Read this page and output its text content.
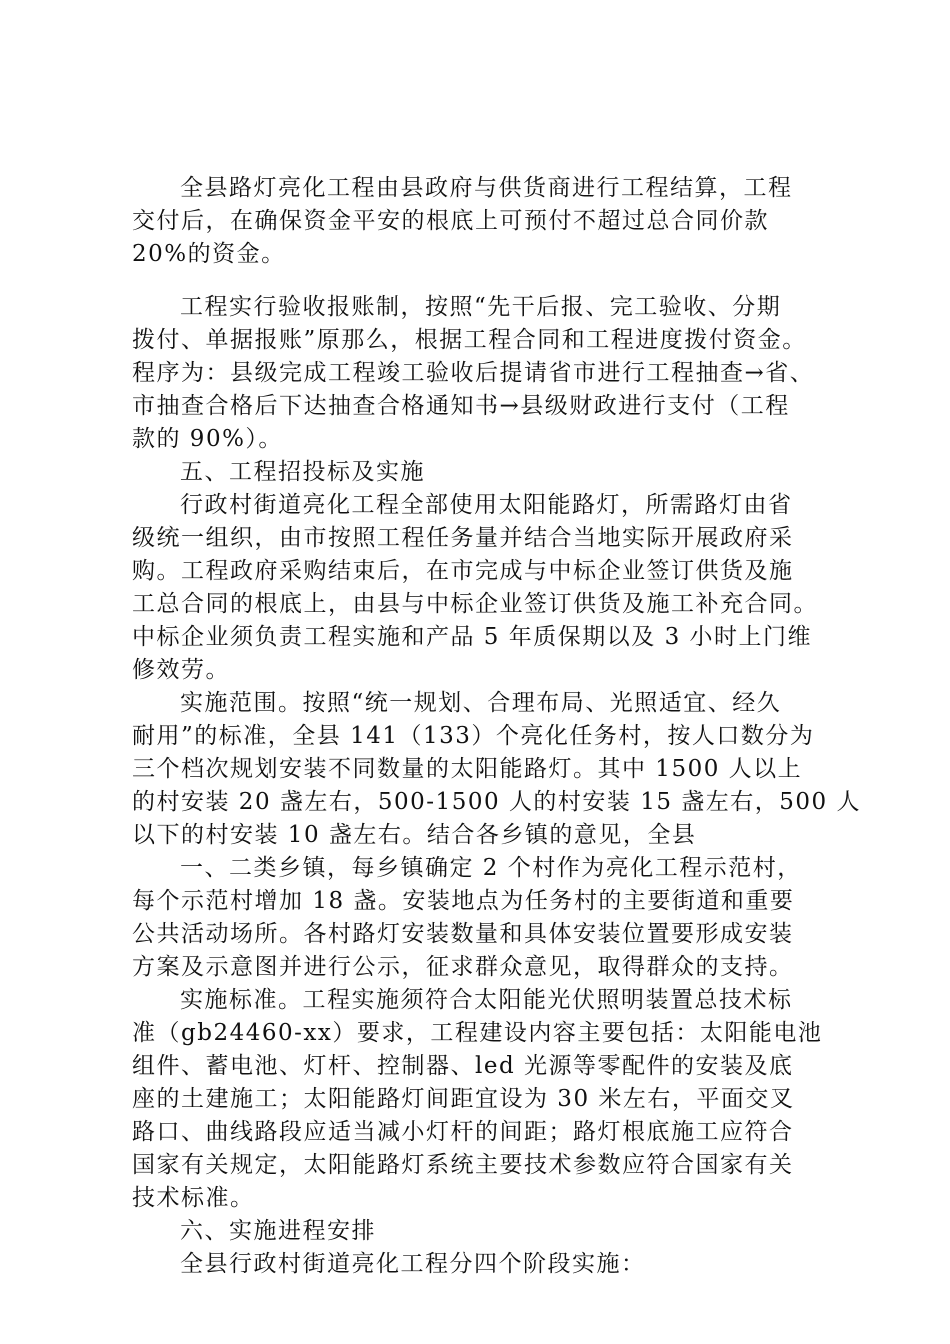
全县路灯亮化工程由县政府与供货商进行工程结算，工程
交付后，在确保资金平安的根底上可预付不超过总合同价款
20%的资金。
工程实行验收报账制，按照“先干后报、完工验收、分期
拨付、单据报账”原那么，根据工程合同和工程进度拨付资金。
程序为：县级完成工程竣工验收后提请省市进行工程抽查→省、
市抽查合格后下达抽查合格通知书→县级财政进行支付（工程
款的 90%）。
五、工程招投标及实施
行政村街道亮化工程全部使用太阳能路灯，所需路灯由省
级统一组织，由市按照工程任务量并结合当地实际开展政府采
购。工程政府采购结束后，在市完成与中标企业签订供货及施
工总合同的根底上，由县与中标企业签订供货及施工补充合同。
中标企业须负责工程实施和产品 5 年质保期以及 3 小时上门维
修效劳。
实施范围。按照“统一规划、合理布局、光照适宜、经久
耐用”的标准，全县 141（133）个亮化任务村，按人口数分为
三个档次规划安装不同数量的太阳能路灯。其中 1500 人以上
的村安装 20 盏左右，500-1500 人的村安装 15 盏左右，500 人
以下的村安装 10 盏左右。结合各乡镇的意见，全县
一、二类乡镇，每乡镇确定 2 个村作为亮化工程示范村，
每个示范村增加 18 盏。安装地点为任务村的主要街道和重要
公共活动场所。各村路灯安装数量和具体安装位置要形成安装
方案及示意图并进行公示，征求群众意见，取得群众的支持。
实施标准。工程实施须符合太阳能光伏照明装置总技术标
准（gb24460-xx）要求，工程建设内容主要包括：太阳能电池
组件、蓄电池、灯杆、控制器、led 光源等零配件的安装及底
座的土建施工；太阳能路灯间距宜设为 30 米左右，平面交叉
路口、曲线路段应适当减小灯杆的间距；路灯根底施工应符合
国家有关规定，太阳能路灯系统主要技术参数应符合国家有关
技术标准。
六、实施进程安排
全县行政村街道亮化工程分四个阶段实施：
